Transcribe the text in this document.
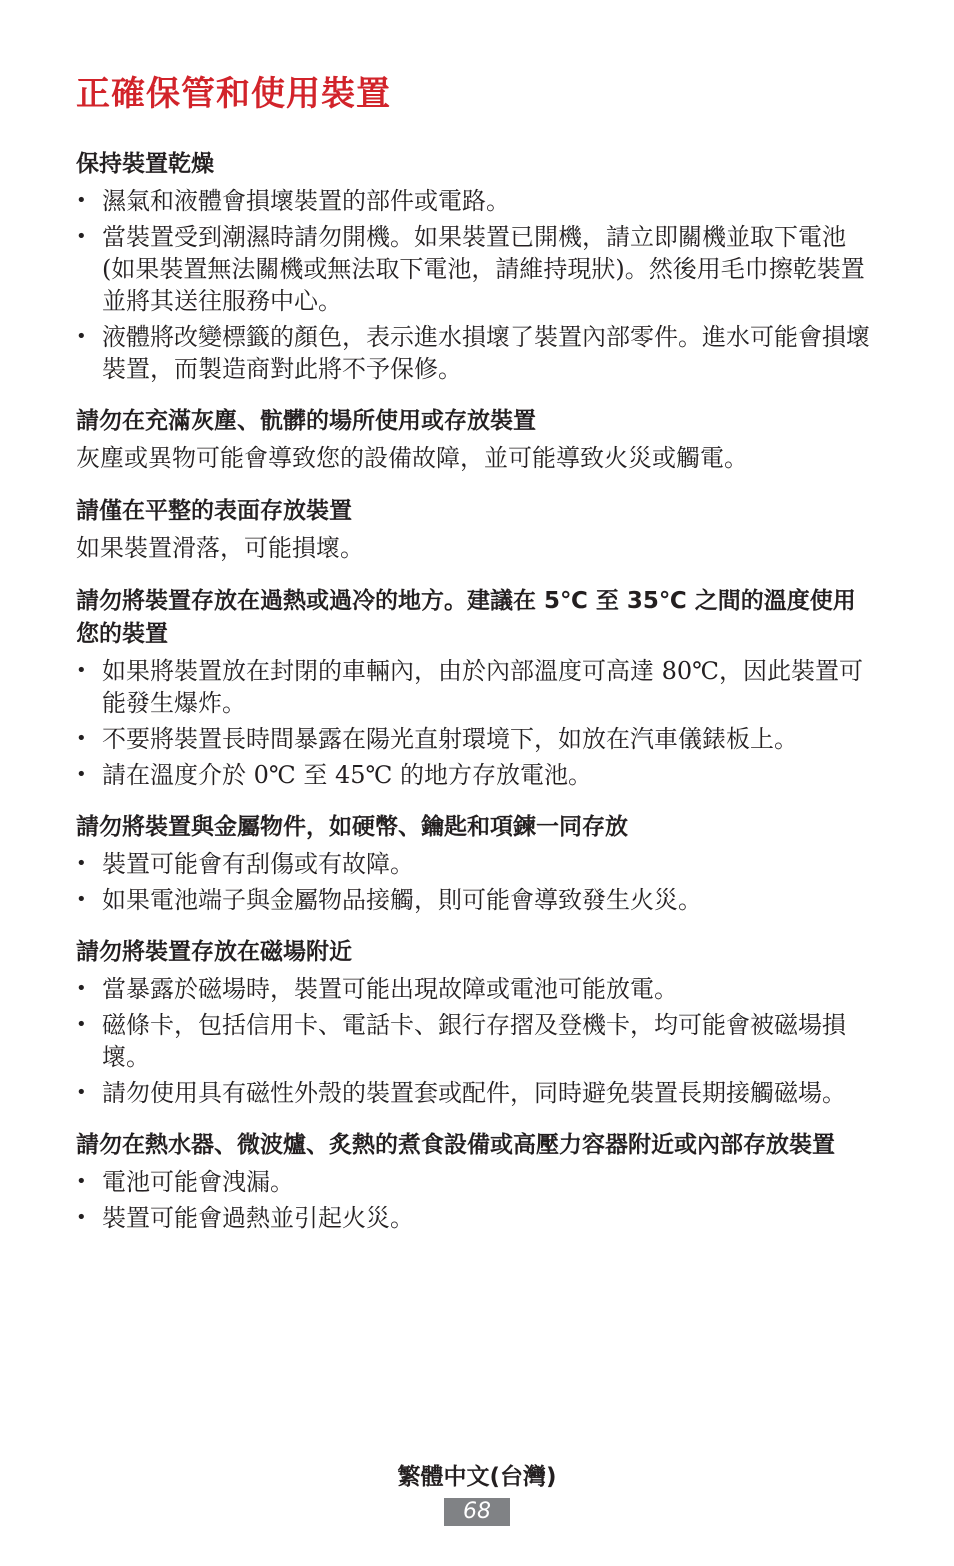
正確保管和使用裝置
保持裝置乾燥
• 濕氣和液體會損壞裝置的部件或電路。
• 當裝置受到潮濕時請勿開機。如果裝置已開機，請立即關機並取下電池 (如果裝置無法關機或無法取下電池，請維持現狀)。然後用毛巾擦乾裝置並將其送往服務中心。
• 液體將改變標籤的顏色，表示進水損壞了裝置內部零件。進水可能會損壞裝置，而製造商對此將不予保修。
請勿在充滿灰塵、骯髒的場所使用或存放裝置

灰塵或異物可能會導致您的設備故障，並可能導致火災或觸電。

請僅在平整的表面存放裝置

如果裝置滑落，可能損壞。

請勿將裝置存放在過熱或過冷的地方。建議在 5℃ 至 35℃ 之間的溫度使用您的裝置
• 如果將裝置放在封閉的車輛內，由於內部溫度可高達 80℃，因此裝置可能發生爆炸。
• 不要將裝置長時間暴露在陽光直射環境下，如放在汽車儀錶板上。
• 請在溫度介於 0℃ 至 45℃ 的地方存放電池。
請勿將裝置與金屬物件，如硬幣、鑰匙和項鍊一同存放
• 裝置可能會有刮傷或有故障。
• 如果電池端子與金屬物品接觸，則可能會導致發生火災。
請勿將裝置存放在磁場附近
• 當暴露於磁場時，裝置可能出現故障或電池可能放電。
• 磁條卡，包括信用卡、電話卡、銀行存摺及登機卡，均可能會被磁場損壞。
• 請勿使用具有磁性外殼的裝置套或配件，同時避免裝置長期接觸磁場。
請勿在熱水器、微波爐、炙熱的煮食設備或高壓力容器附近或內部存放裝置
• 電池可能會洩漏。
• 裝置可能會過熱並引起火災。
繁體中文(台灣)
68
